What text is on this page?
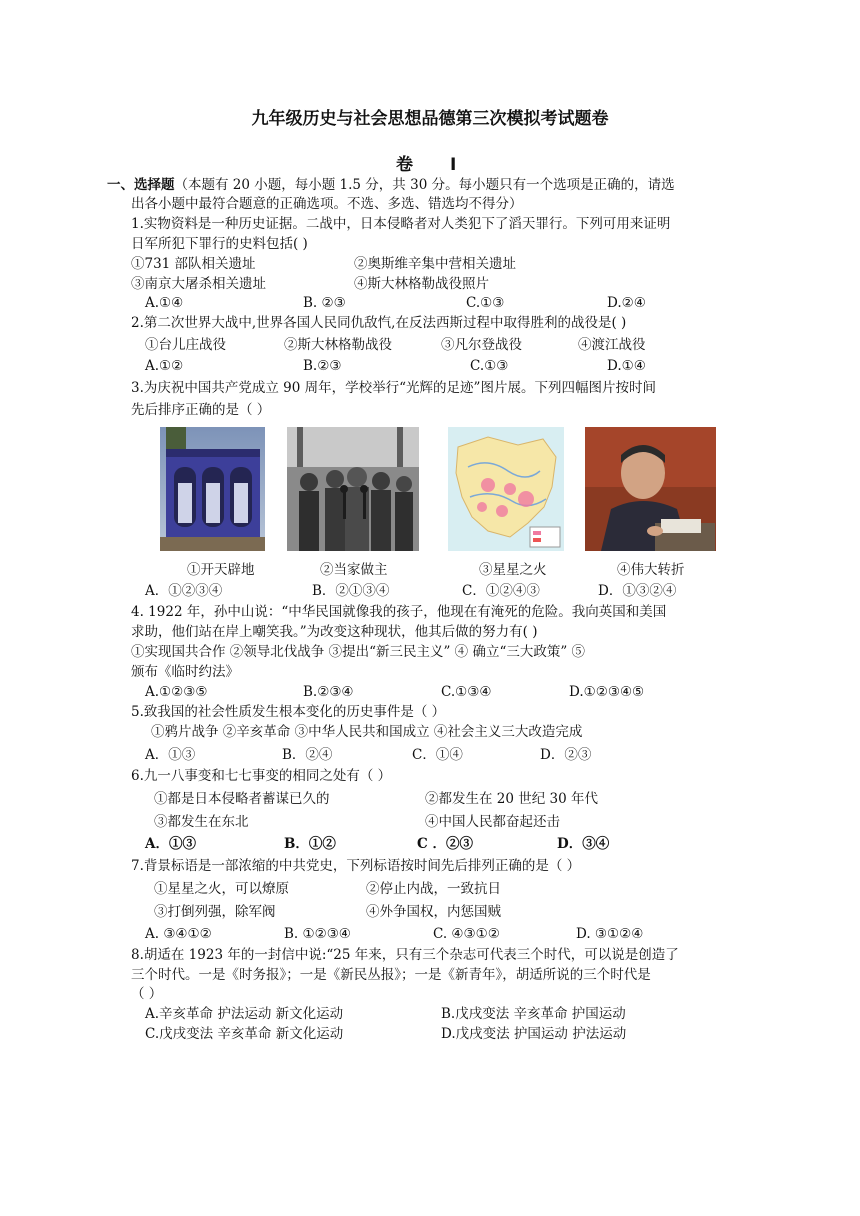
九年级历史与社会思想品德第三次模拟考试题卷
卷 Ⅰ
一、选择题（本题有 20 小题，每小题 1.5 分，共 30 分。每小题只有一个选项是正确的，请选
出各小题中最符合题意的正确选项。不选、多选、错选均不得分）
1.实物资料是一种历史证据。二战中，日本侵略者对人类犯下了滔天罪行。下列可用来证明
日军所犯下罪行的史料包括( )
①731 部队相关遗址	②奥斯维辛集中营相关遗址
③南京大屠杀相关遗址	④斯大林格勒战役照片
A.①④	B. ②③	C.①③	D.②④
2.第二次世界大战中,世界各国人民同仇敌忾,在反法西斯过程中取得胜利的战役是( )
①台儿庄战役	②斯大林格勒战役	③凡尔登战役	④渡江战役
A.①②	B.②③	C.①③	D.①④
3.为庆祝中国共产党成立 90 周年，学校举行“光辉的足迹”图片展。下列四幅图片按时间
先后排序正确的是（ ）
①开天辟地	②当家做主	③星星之火	④伟大转折
A．①②③④	B．②①③④	C．①②④③	D．①③②④
4. 1922 年，孙中山说：“中华民国就像我的孩子，他现在有淹死的危险。我向英国和美国
求助，他们站在岸上嘲笑我。”为改变这种现状，他其后做的努力有( )
①实现国共合作 ②领导北伐战争 ③提出“新三民主义” ④ 确立“三大政策” ⑤
颁布《临时约法》
A.①②③⑤	B.②③④	C.①③④	D.①②③④⑤
5.致我国的社会性质发生根本变化的历史事件是（ ）
①鸦片战争 ②辛亥革命 ③中华人民共和国成立 ④社会主义三大改造完成
A．①③	B．②④	C．①④	D．②③
6.九一八事变和七七事变的相同之处有（ ）
①都是日本侵略者蓄谋已久的	②都发生在 20 世纪 30 年代
③都发生在东北	④中国人民都奋起还击
A．①③	B．①②	C ．②③	D．③④
7.背景标语是一部浓缩的中共党史，下列标语按时间先后排列正确的是（ ）
①星星之火，可以燎原	②停止内战，一致抗日
③打倒列强，除军阀	④外争国权，内惩国贼
A. ③④①②	B. ①②③④	C. ④③①②	D. ③①②④
8.胡适在 1923 年的一封信中说:“25 年来，只有三个杂志可代表三个时代，可以说是创造了
三个时代。一是《时务报》；一是《新民丛报》；一是《新青年》，胡适所说的三个时代是
（ ）
A.辛亥革命 护法运动 新文化运动	B.戊戌变法 辛亥革命 护国运动
C.戊戌变法 辛亥革命 新文化运动	D.戊戌变法 护国运动 护法运动
